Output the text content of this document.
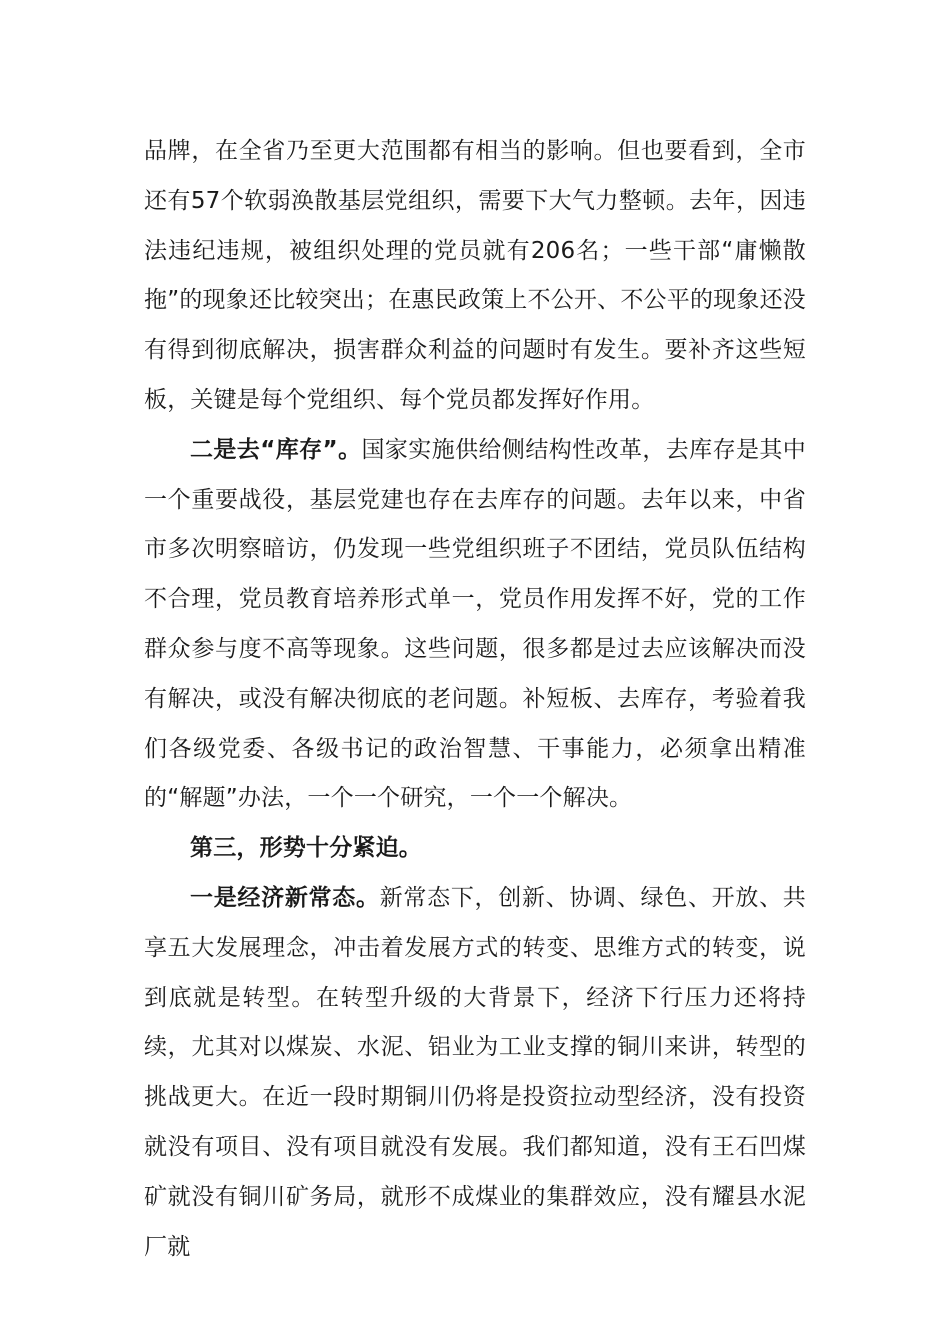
品牌，在全省乃至更大范围都有相当的影响。但也要看到，全市还有57个软弱涣散基层党组织，需要下大气力整顿。去年，因违法违纪违规，被组织处理的党员就有206名；一些干部“庸懒散拖”的现象还比较突出；在惠民政策上不公开、不公平的现象还没有得到彻底解决，损害群众利益的问题时有发生。要补齐这些短板，关键是每个党组织、每个党员都发挥好作用。

二是去“库存”。国家实施供给侧结构性改革，去库存是其中一个重要战役，基层党建也存在去库存的问题。去年以来，中省市多次明察暗访，仍发现一些党组织班子不团结，党员队伍结构不合理，党员教育培养形式单一，党员作用发挥不好，党的工作群众参与度不高等现象。这些问题，很多都是过去应该解决而没有解决，或没有解决彻底的老问题。补短板、去库存，考验着我们各级党委、各级书记的政治智慧、干事能力，必须拿出精准的“解题”办法，一个一个研究，一个一个解决。

第三，形势十分紧迫。

一是经济新常态。新常态下，创新、协调、绿色、开放、共享五大发展理念，冲击着发展方式的转变、思维方式的转变，说到底就是转型。在转型升级的大背景下，经济下行压力还将持续，尤其对以煤炭、水泥、铝业为工业支撑的铜川来讲，转型的挑战更大。在近一段时期铜川仍将是投资拉动型经济，没有投资就没有项目、没有项目就没有发展。我们都知道，没有王石凹煤矿就没有铜川矿务局，就形不成煤业的集群效应，没有耀县水泥厂就
